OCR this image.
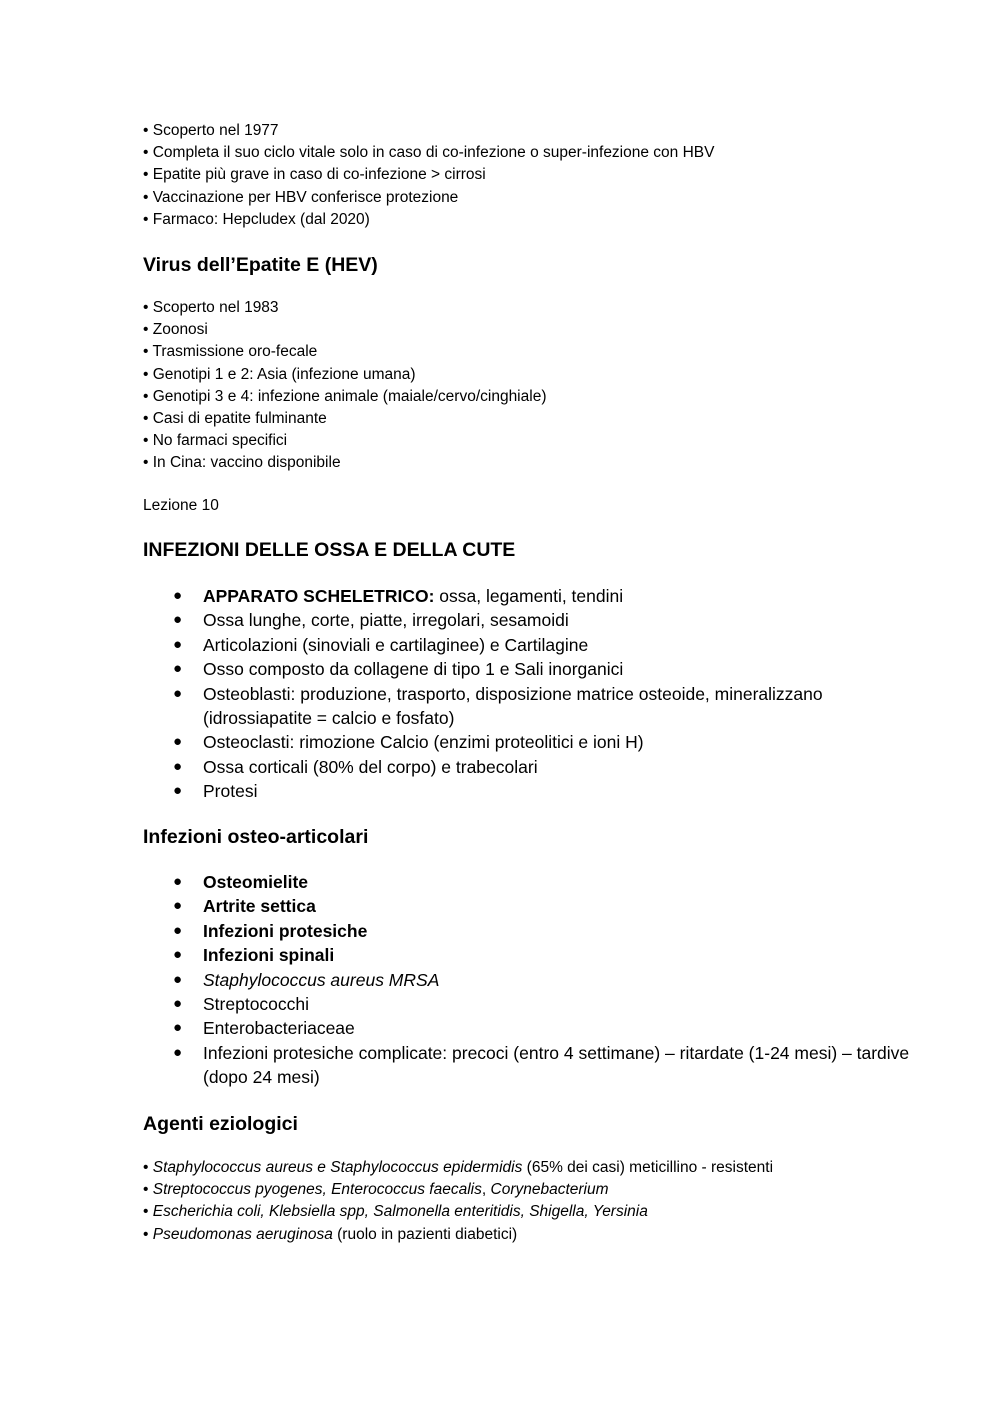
• Scoperto nel 1977
• Completa il suo ciclo vitale solo in caso di co-infezione o super-infezione con HBV
• Epatite più grave in caso di co-infezione > cirrosi
• Vaccinazione per HBV conferisce protezione
• Farmaco: Hepcludex (dal 2020)
Virus dell’Epatite E (HEV)
• Scoperto nel 1983
• Zoonosi
• Trasmissione oro-fecale
• Genotipi 1 e 2: Asia (infezione umana)
• Genotipi 3 e 4: infezione animale (maiale/cervo/cinghiale)
• Casi di epatite fulminante
• No farmaci specifici
• In Cina: vaccino disponibile

Lezione 10

INFEZIONI DELLE OSSA E DELLA CUTE
● APPARATO SCHELETRICO: ossa, legamenti, tendini
● Ossa lunghe, corte, piatte, irregolari, sesamoidi
● Articolazioni (sinoviali e cartilaginee) e Cartilagine
● Osso composto da collagene di tipo 1 e Sali inorganici
● Osteoblasti: produzione, trasporto, disposizione matrice osteoide, mineralizzano (idrossiapatite = calcio e fosfato)
● Osteoclasti: rimozione Calcio (enzimi proteolitici e ioni H)
● Ossa corticali (80% del corpo) e trabecolari
● Protesi
Infezioni osteo-articolari
● Osteomielite
● Artrite settica
● Infezioni protesiche
● Infezioni spinali
● Staphylococcus aureus MRSA
● Streptococchi
● Enterobacteriaceae
● Infezioni protesiche complicate: precoci (entro 4 settimane) – ritardate (1-24 mesi) – tardive (dopo 24 mesi)
Agenti eziologici
• Staphylococcus aureus e Staphylococcus epidermidis (65% dei casi) meticillino - resistenti
• Streptococcus pyogenes, Enterococcus faecalis, Corynebacterium
• Escherichia coli, Klebsiella spp, Salmonella enteritidis, Shigella, Yersinia
• Pseudomonas aeruginosa (ruolo in pazienti diabetici)
